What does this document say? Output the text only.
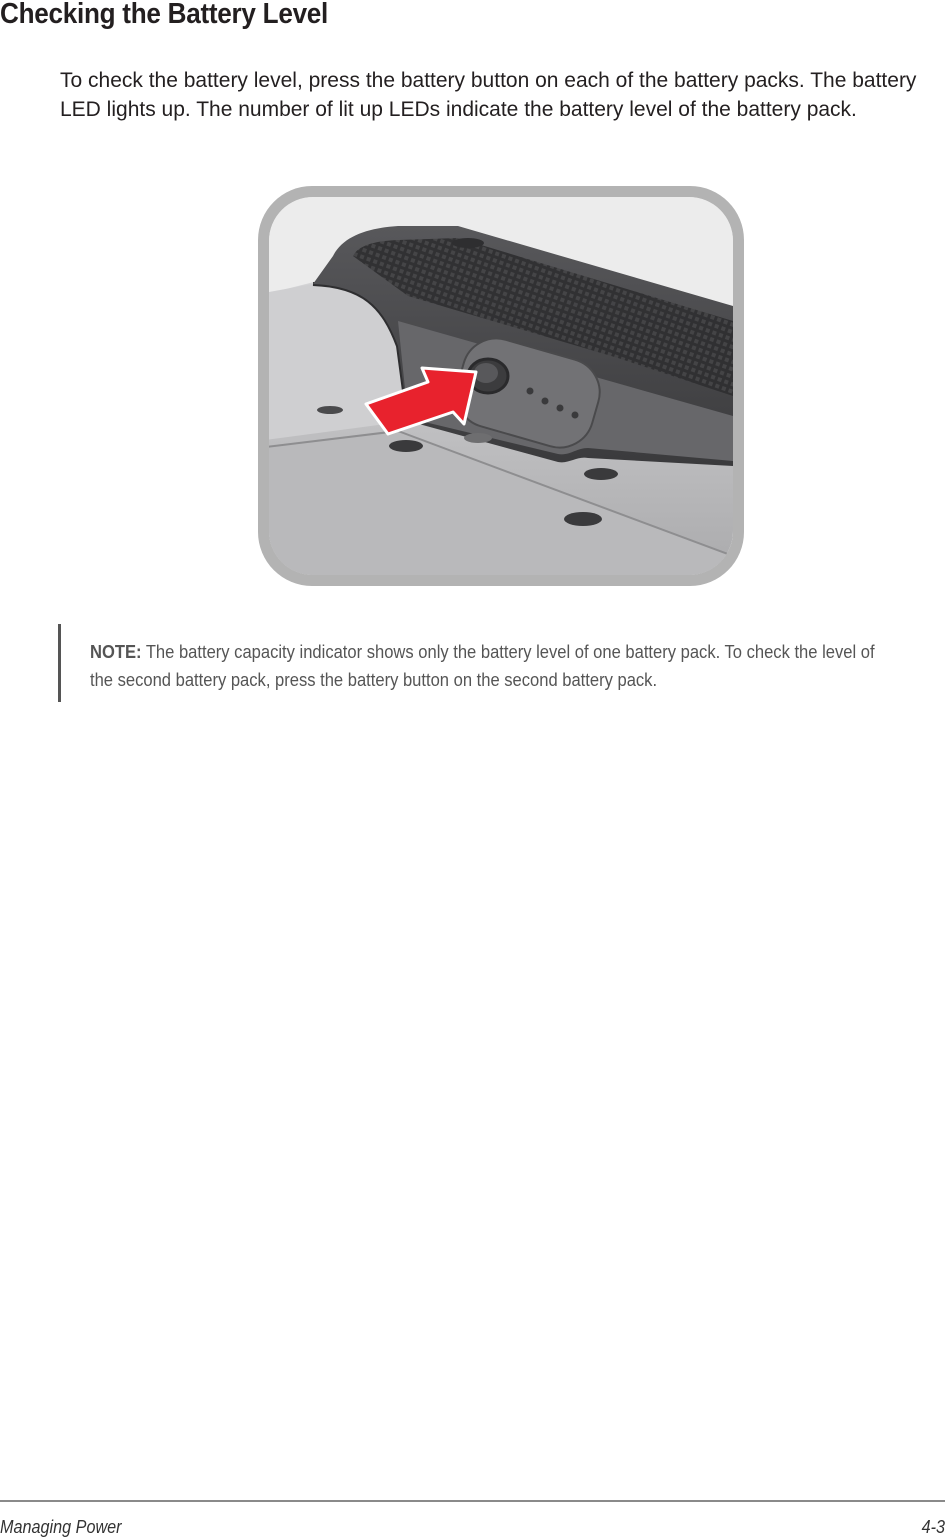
Checking the Battery Level

To check the battery level, press the battery button on each of the battery packs. The battery LED lights up. The number of lit up LEDs indicate the battery level of the battery pack.

NOTE: The battery capacity indicator shows only the battery level of one battery pack. To check the level of the second battery pack, press the battery button on the second battery pack.

Managing Power	4-3
